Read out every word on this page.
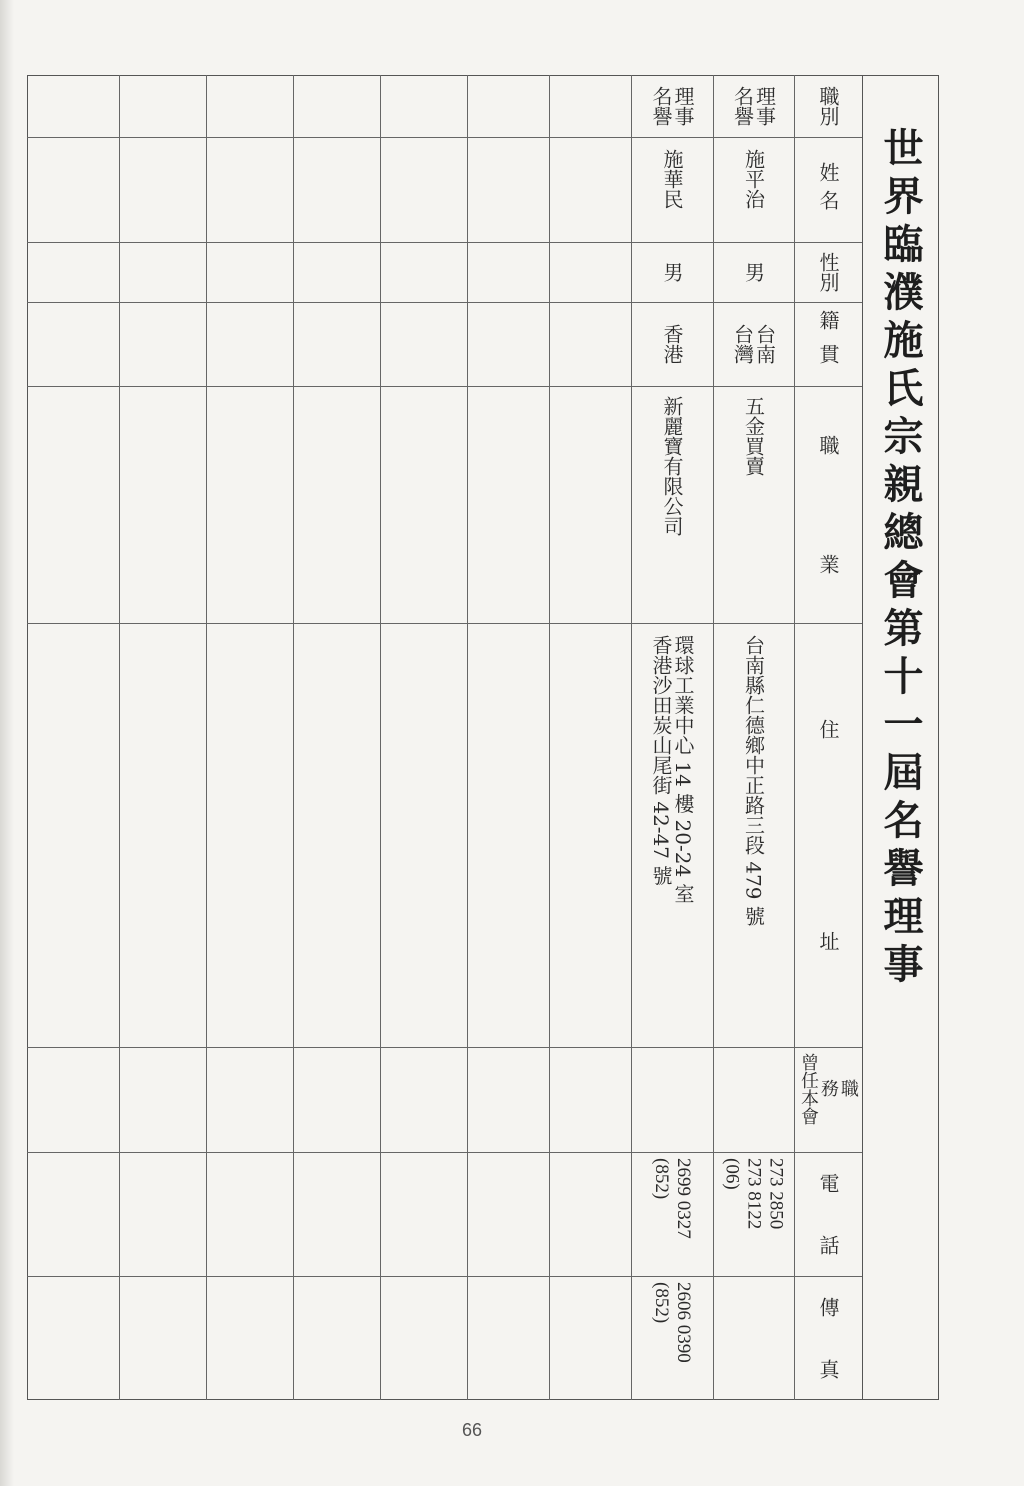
世界臨濮施氏宗親總會第十一屆名譽理事
職別
姓名
性別
籍貫
職
業
住
址
曾任本會	職務
電
話
傳
真
名譽
理事
施平治
男
台灣
台南
五金買賣
台南縣仁德鄉中正路三段 479 號
(06) 273 8122 273 2850
名譽
理事
施華民
男
香港
新麗寶有限公司
香港沙田炭山尾街 42-47 號
環球工業中心 14 樓 20-24 室
(852) 2699 0327
(852) 2606 0390
66
